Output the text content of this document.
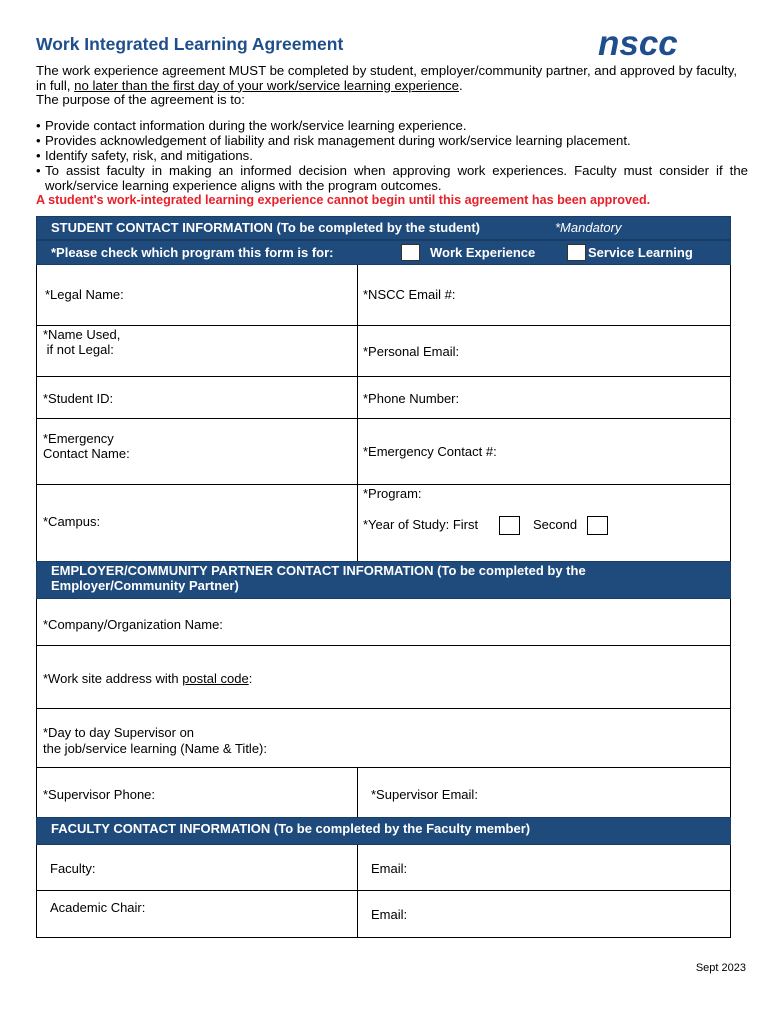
Work Integrated Learning Agreement	nscc
The work experience agreement MUST be completed by student, employer/community partner, and approved by faculty, in full, no later than the first day of your work/service learning experience.
The purpose of the agreement is to:
• Provide contact information during the work/service learning experience.
• Provides acknowledgement of liability and risk management during work/service learning placement.
• Identify safety, risk, and mitigations.
• To assist faculty in making an informed decision when approving work experiences. Faculty must consider if the work/service learning experience aligns with the program outcomes.
A student's work-integrated learning experience cannot begin until this agreement has been approved.
STUDENT CONTACT INFORMATION (To be completed by the student)	*Mandatory
*Please check which program this form is for:	Work Experience	Service Learning
*Legal Name:	*NSCC Email #:
*Name Used,
if not Legal:	*Personal Email:
*Student ID:	*Phone Number:
*Emergency
Contact Name:	*Emergency Contact #:
*Campus:
*Program:
*Year of Study: First	Second
EMPLOYER/COMMUNITY PARTNER CONTACT INFORMATION (To be completed by the
Employer/Community Partner)
*Company/Organization Name:
*Work site address with postal code:
*Day to day Supervisor on
the job/service learning (Name & Title):
*Supervisor Phone:	*Supervisor Email:
FACULTY CONTACT INFORMATION (To be completed by the Faculty member)
Faculty:	Email:
Academic Chair:	Email:
Sept 2023
